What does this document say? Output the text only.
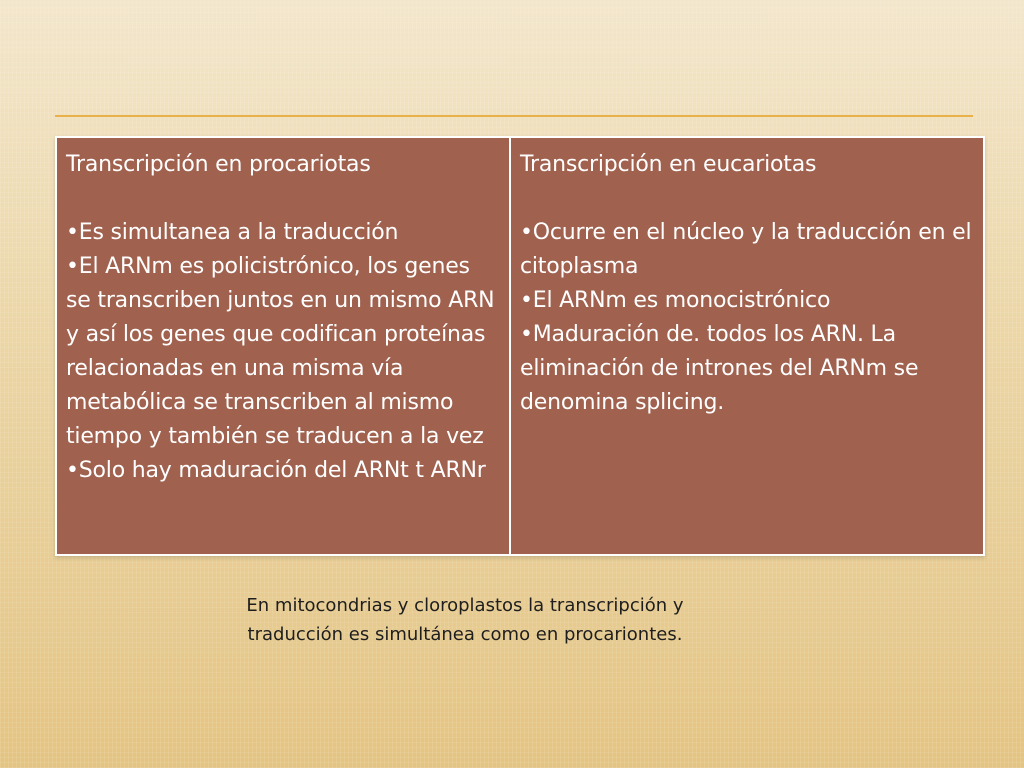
Transcripción en procariotas
•Es simultanea a la traducción
•El ARNm es policistrónico, los genes se transcriben juntos en un mismo ARN y así los genes que codifican proteínas relacionadas en una misma vía metabólica se transcriben al mismo tiempo y también se traducen a la vez
•Solo hay maduración del ARNt t ARNr
Transcripción en eucariotas
•Ocurre en el núcleo y la traducción en el citoplasma
•El ARNm es monocistrónico
•Maduración de. todos los ARN. La eliminación de intrones del ARNm se denomina splicing.
En mitocondrias y cloroplastos la transcripción y
traducción es simultánea como en procariontes.
